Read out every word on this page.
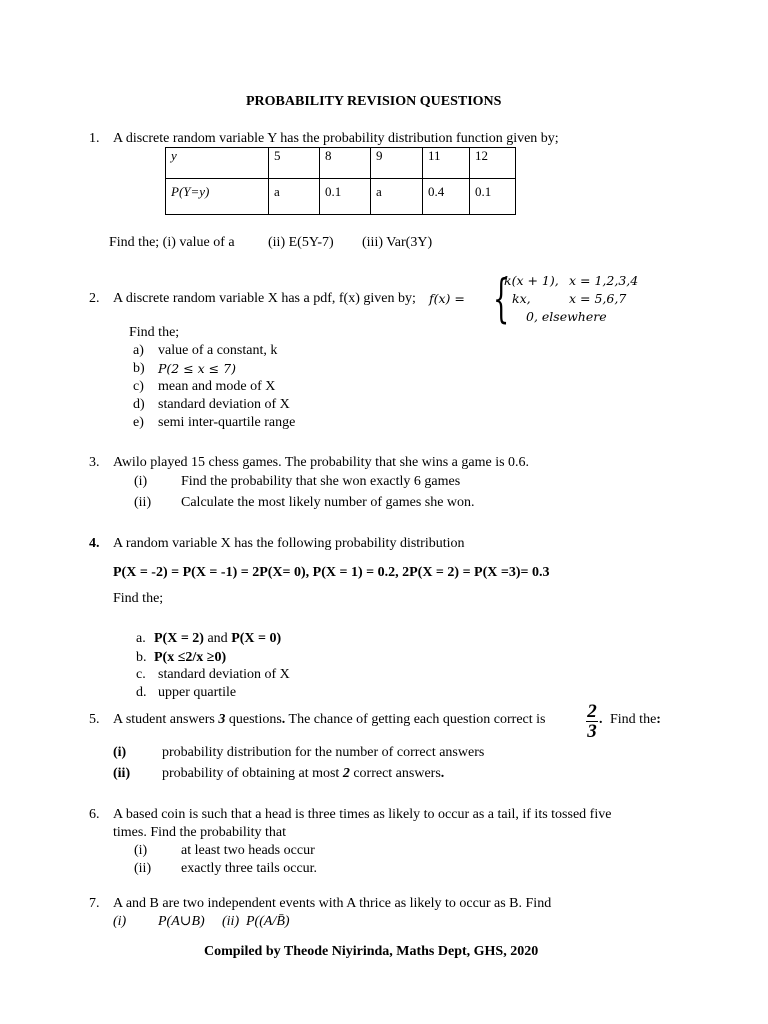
PROBABILITY REVISION QUESTIONS
1. A discrete random variable Y has the probability distribution function given by;
y	5	8	9	11	12
P(Y=y)	a	0.1	a	0.4	0.1
Find the; (i) value of a (ii) E(5Y-7) (iii) Var(3Y)
2. A discrete random variable X has a pdf, f(x) given by; f(x) = {
k(x + 1), x = 1,2,3,4
kx,	x = 5,6,7
0, elsewhere
Find the;
a) value of a constant, k
b) P(2 ≤ x ≤ 7)
c) mean and mode of X
d) standard deviation of X
e) semi inter-quartile range
3. Awilo played 15 chess games. The probability that she wins a game is 0.6.
(i) Find the probability that she won exactly 6 games
(ii) Calculate the most likely number of games she won.
4. A random variable X has the following probability distribution
P(X = -2) = P(X = -1) = 2P(X= 0), P(X = 1) = 0.2, 2P(X = 2) = P(X =3)= 0.3
Find the;
a. P(X = 2) and P(X = 0)
b. P(x ≤2/x ≥0)
c. standard deviation of X
d. upper quartile
5. A student answers 3 questions. The chance of getting each question correct is 2
3
. Find the:
(i)	probability distribution for the number of correct answers
(ii) probability of obtaining at most 2 correct answers.
6. A based coin is such that a head is three times as likely to occur as a tail, if its tossed five
times. Find the probability that
(i) at least two heads occur
(ii) exactly three tails occur.
7. A and B are two independent events with A thrice as likely to occur as B. Find
(i) P(A∪B) (ii) P((A/B̄)
Compiled by Theode Niyirinda, Maths Dept, GHS, 2020
